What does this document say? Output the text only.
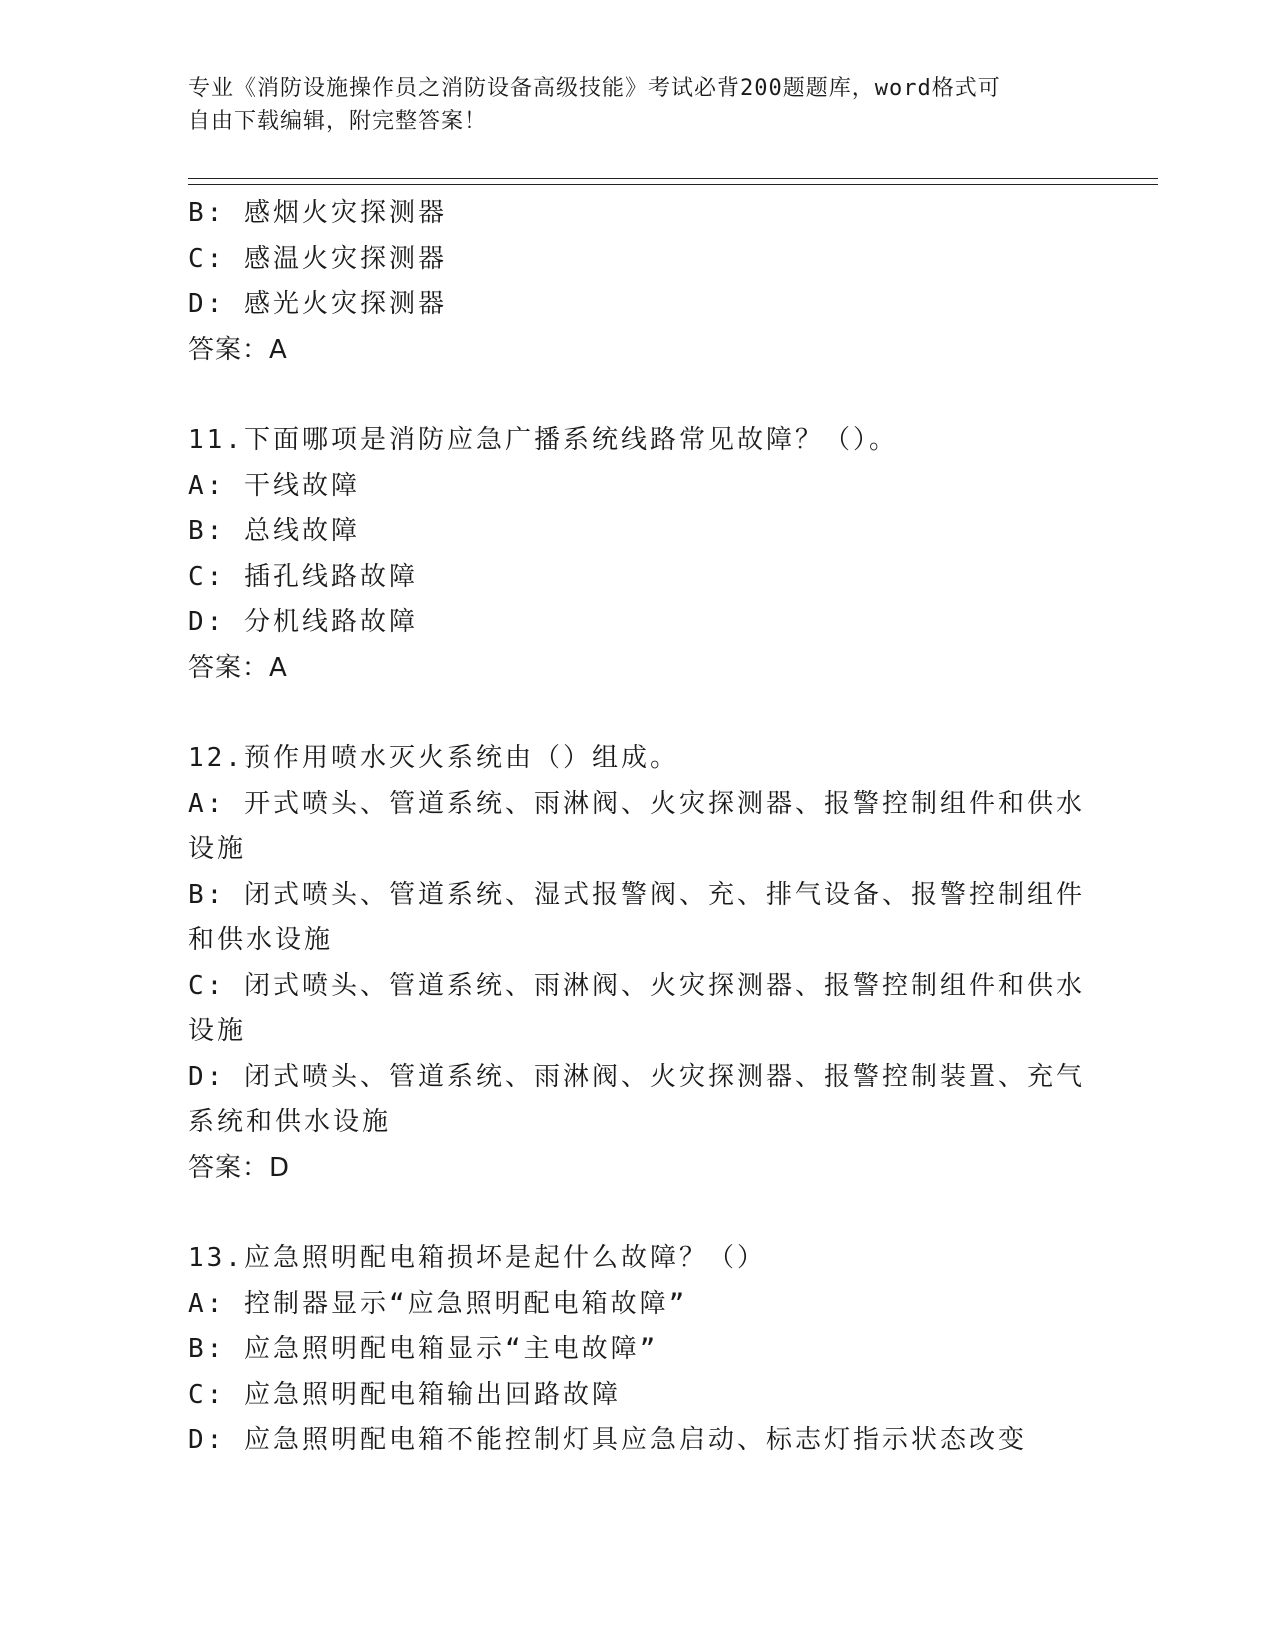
专业《消防设施操作员之消防设备高级技能》考试必背200题题库，word格式可
自由下载编辑，附完整答案！
B: 感烟火灾探测器
C: 感温火灾探测器
D: 感光火灾探测器
答案：A
11.下面哪项是消防应急广播系统线路常见故障？（）。
A: 干线故障
B: 总线故障
C: 插孔线路故障
D: 分机线路故障
答案：A
12.预作用喷水灭火系统由（）组成。
A: 开式喷头、管道系统、雨淋阀、火灾探测器、报警控制组件和供水
设施
B: 闭式喷头、管道系统、湿式报警阀、充、排气设备、报警控制组件
和供水设施
C: 闭式喷头、管道系统、雨淋阀、火灾探测器、报警控制组件和供水
设施
D: 闭式喷头、管道系统、雨淋阀、火灾探测器、报警控制装置、充气
系统和供水设施
答案：D
13.应急照明配电箱损坏是起什么故障？（）
A: 控制器显示“应急照明配电箱故障”
B: 应急照明配电箱显示“主电故障”
C: 应急照明配电箱输出回路故障
D: 应急照明配电箱不能控制灯具应急启动、标志灯指示状态改变
